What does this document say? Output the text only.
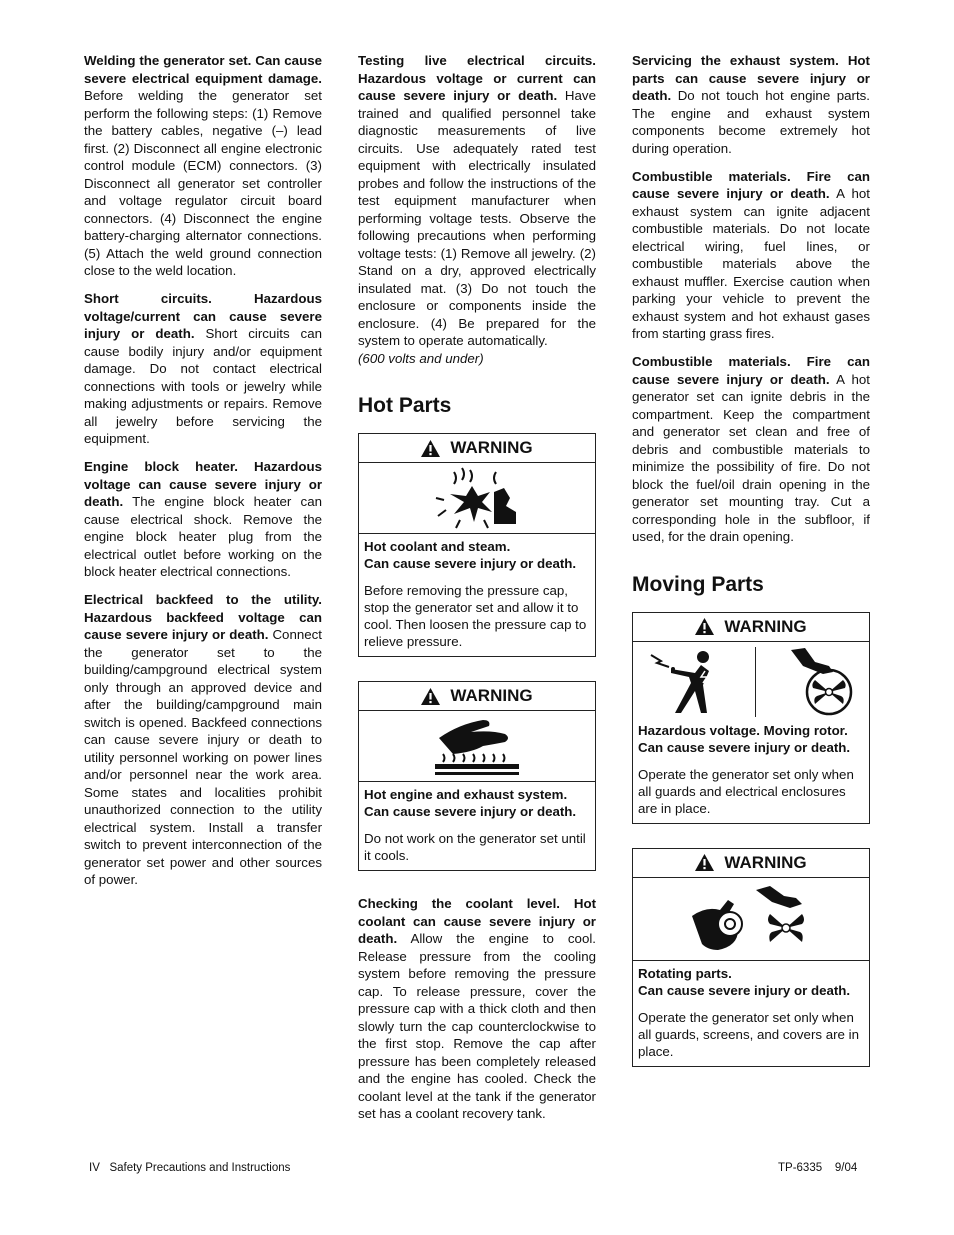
Welding the generator set. Can cause severe electrical equipment damage. Before welding the generator set perform the following steps: (1) Remove the battery cables, negative (–) lead first. (2) Disconnect all engine electronic control module (ECM) connectors. (3) Disconnect all generator set controller and voltage regulator circuit board connectors. (4) Disconnect the engine battery-charging alternator connections. (5) Attach the weld ground connection close to the weld location.

Short circuits. Hazardous voltage/current can cause severe injury or death. Short circuits can cause bodily injury and/or equipment damage. Do not contact electrical connections with tools or jewelry while making adjustments or repairs. Remove all jewelry before servicing the equipment.

Engine block heater. Hazardous voltage can cause severe injury or death. The engine block heater can cause electrical shock. Remove the engine block heater plug from the electrical outlet before working on the block heater electrical connections.

Electrical backfeed to the utility. Hazardous backfeed voltage can cause severe injury or death. Connect the generator set to the building/campground electrical system only through an approved device and after the building/campground main switch is opened. Backfeed connections can cause severe injury or death to utility personnel working on power lines and/or personnel near the work area. Some states and localities prohibit unauthorized connection to the utility electrical system. Install a transfer switch to prevent interconnection of the generator set power and other sources of power.

Testing live electrical circuits. Hazardous voltage or current can cause severe injury or death. Have trained and qualified personnel take diagnostic measurements of live circuits. Use adequately rated test equipment with electrically insulated probes and follow the instructions of the test equipment manufacturer when performing voltage tests. Observe the following precautions when performing voltage tests: (1) Remove all jewelry. (2) Stand on a dry, approved electrically insulated mat. (3) Do not touch the enclosure or components inside the enclosure. (4) Be prepared for the system to operate automatically.

(600 volts and under)

Hot Parts
WARNING
Hot coolant and steam.
Can cause severe injury or death.
Before removing the pressure cap, stop the generator set and allow it to cool. Then loosen the pressure cap to relieve pressure.
WARNING
Hot engine and exhaust system.
Can cause severe injury or death.
Do not work on the generator set until it cools.

Checking the coolant level. Hot coolant can cause severe injury or death. Allow the engine to cool. Release pressure from the cooling system before removing the pressure cap. To release pressure, cover the pressure cap with a thick cloth and then slowly turn the cap counterclockwise to the first stop. Remove the cap after pressure has been completely released and the engine has cooled. Check the coolant level at the tank if the generator set has a coolant recovery tank.

Servicing the exhaust system. Hot parts can cause severe injury or death. Do not touch hot engine parts. The engine and exhaust system components become extremely hot during operation.

Combustible materials. Fire can cause severe injury or death. A hot exhaust system can ignite adjacent combustible materials. Do not locate electrical wiring, fuel lines, or combustible materials above the exhaust muffler. Exercise caution when parking your vehicle to prevent the exhaust system and hot exhaust gases from starting grass fires.

Combustible materials. Fire can cause severe injury or death. A hot generator set can ignite debris in the compartment. Keep the compartment and generator set clean and free of debris and combustible materials to minimize the possibility of fire. Do not block the fuel/oil drain opening in the generator set mounting tray. Cut a corresponding hole in the subfloor, if used, for the drain opening.

Moving Parts
WARNING
Hazardous voltage. Moving rotor.
Can cause severe injury or death.
Operate the generator set only when all guards and electrical enclosures are in place.
WARNING
Rotating parts.
Can cause severe injury or death.
Operate the generator set only when all guards, screens, and covers are in place.
IV   Safety Precautions and Instructions	TP-6335    9/04
